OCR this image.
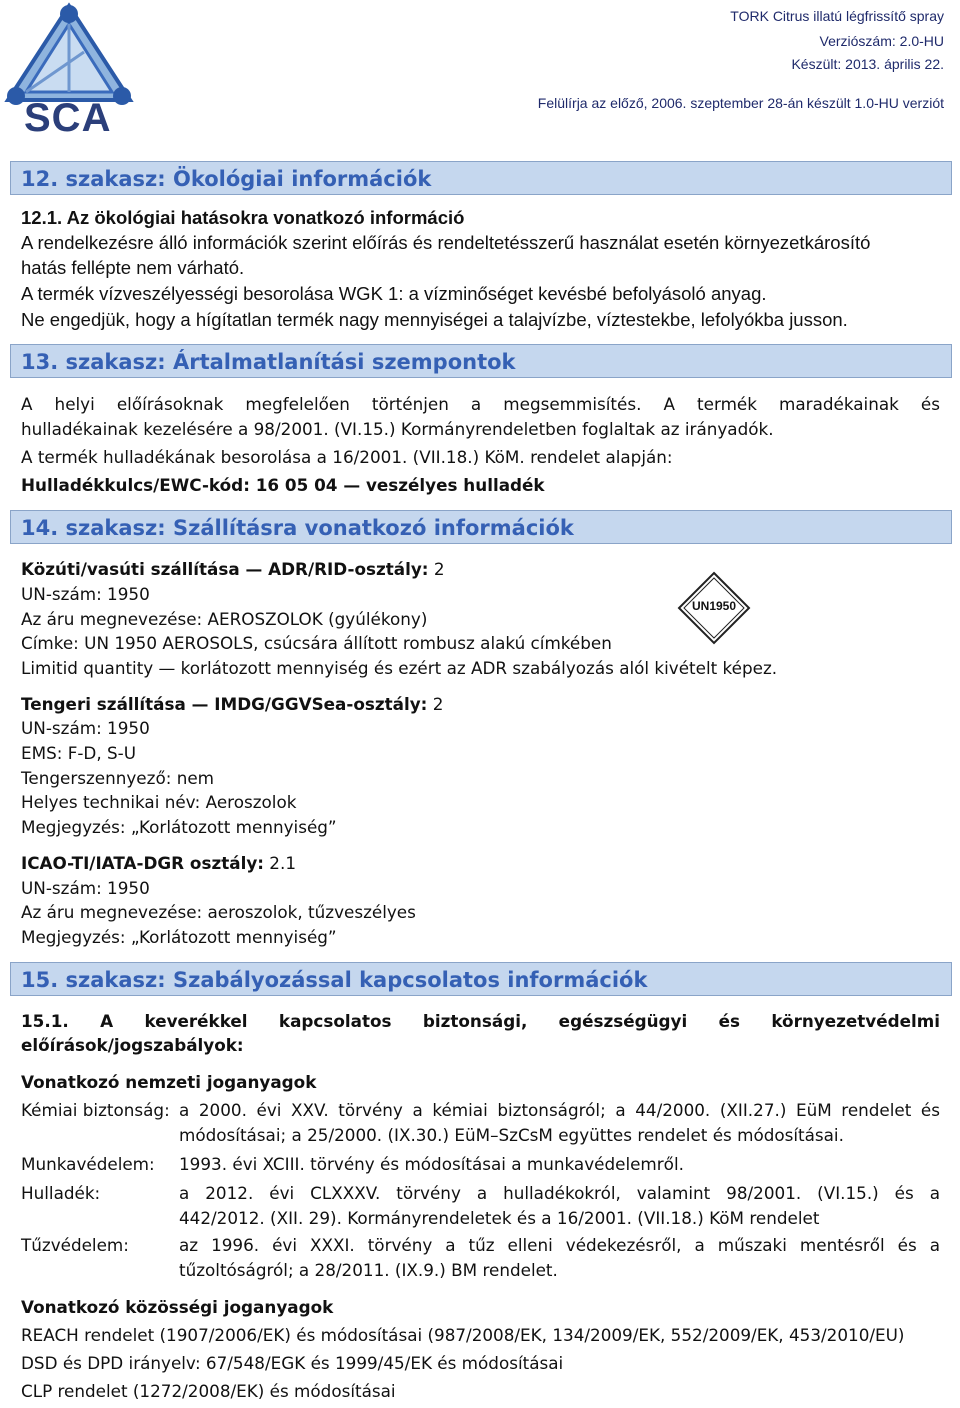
SCA
TORK Citrus illatú légfrissítő spray
Verziószám: 2.0-HU
Készült: 2013. április 22.
Felülírja az előző, 2006. szeptember 28-án készült 1.0-HU verziót
12. szakasz: Ökológiai információk
12.1. Az ökológiai hatásokra vonatkozó információ
A rendelkezésre álló információk szerint előírás és rendeltetésszerű használat esetén környezetkárosító
hatás fellépte nem várható.
A termék vízveszélyességi besorolása WGK 1: a vízminőséget kevésbé befolyásoló anyag.
Ne engedjük, hogy a hígítatlan termék nagy mennyiségei a talajvízbe, víztestekbe, lefolyókba jusson.
13. szakasz: Ártalmatlanítási szempontok
A helyi előírásoknak megfelelően történjen a megsemmisítés. A termék maradékainak és
hulladékainak kezelésére a 98/2001. (VI.15.) Kormányrendeletben foglaltak az irányadók.
A termék hulladékának besorolása a 16/2001. (VII.18.) KöM. rendelet alapján:
Hulladékkulcs/EWC-kód: 16 05 04 — veszélyes hulladék
14. szakasz: Szállításra vonatkozó információk
Közúti/vasúti szállítása — ADR/RID-osztály: 2
UN-szám: 1950
Az áru megnevezése: AEROSZOLOK (gyúlékony)
Címke: UN 1950 AEROSOLS, csúcsára állított rombusz alakú címkében
Limitid quantity — korlátozott mennyiség és ezért az ADR szabályozás alól kivételt képez.
UN1950
Tengeri szállítása — IMDG/GGVSea-osztály: 2
UN-szám: 1950
EMS: F-D, S-U
Tengerszennyező: nem
Helyes technikai név: Aeroszolok
Megjegyzés: „Korlátozott mennyiség”
ICAO-TI/IATA-DGR osztály: 2.1
UN-szám: 1950
Az áru megnevezése: aeroszolok, tűzveszélyes
Megjegyzés: „Korlátozott mennyiség”
15. szakasz: Szabályozással kapcsolatos információk
15.1. A keverékkel kapcsolatos biztonsági, egészségügyi és környezetvédelmi
előírások/jogszabályok:
Vonatkozó nemzeti joganyagok
Kémiai biztonság: a 2000. évi XXV. törvény a kémiai biztonságról; a 44/2000. (XII.27.) EüM rendelet és
módosításai; a 25/2000. (IX.30.) EüM–SzCsM együttes rendelet és módosításai.
Munkavédelem: 1993. évi XCIII. törvény és módosításai a munkavédelemről.
Hulladék:	a 2012. évi CLXXXV. törvény a hulladékokról, valamint 98/2001. (VI.15.) és a
442/2012. (XII. 29). Kormányrendeletek és a 16/2001. (VII.18.) KöM rendelet
Tűzvédelem:	az 1996. évi XXXI. törvény a tűz elleni védekezésről, a műszaki mentésről és a
tűzoltóságról; a 28/2011. (IX.9.) BM rendelet.
Vonatkozó közösségi joganyagok
REACH rendelet (1907/2006/EK) és módosításai (987/2008/EK, 134/2009/EK, 552/2009/EK, 453/2010/EU)
DSD és DPD irányelv: 67/548/EGK és 1999/45/EK és módosításai
CLP rendelet (1272/2008/EK) és módosításai
